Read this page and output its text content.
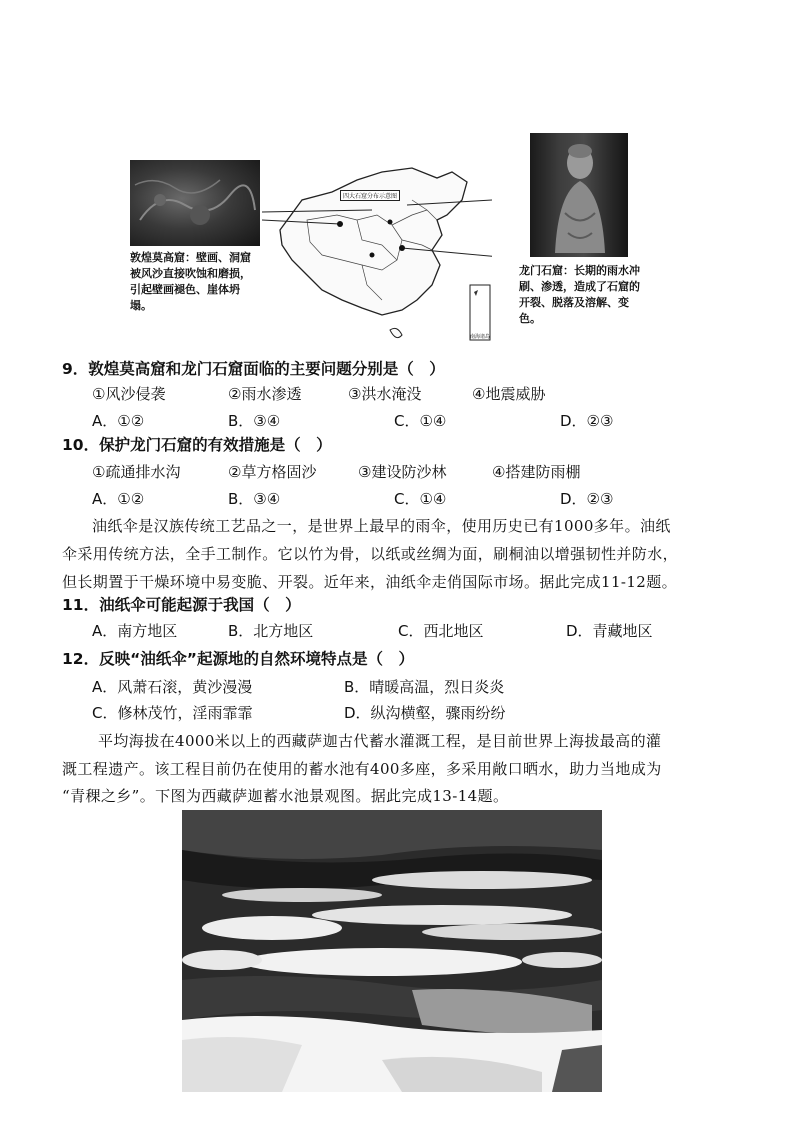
敦煌莫高窟：壁画、洞窟被风沙直接吹蚀和磨损，引起壁画褪色、崖体坍塌。
四大石窟分布示意图
南海诸岛
龙门石窟：长期的雨水冲刷、渗透，造成了石窟的开裂、脱落及溶解、变色。
9．敦煌莫高窟和龙门石窟面临的主要问题分别是（　）
①风沙侵袭	②雨水渗透	③洪水淹没	④地震威胁
A．①②	B．③④	C．①④	D．②③
10．保护龙门石窟的有效措施是（　）
①疏通排水沟	②草方格固沙	③建设防沙林	④搭建防雨棚
A．①②	B．③④	C．①④	D．②③
油纸伞是汉族传统工艺品之一，是世界上最早的雨伞，使用历史已有1000多年。油纸
伞采用传统方法，全手工制作。它以竹为骨，以纸或丝绸为面，刷桐油以增强韧性并防水，
但长期置于干燥环境中易变脆、开裂。近年来，油纸伞走俏国际市场。据此完成11-12题。
11．油纸伞可能起源于我国（　）
A．南方地区	B．北方地区	C．西北地区	D．青藏地区
12．反映“油纸伞”起源地的自然环境特点是（　）
A．风萧石滚，黄沙漫漫	B．晴暖高温，烈日炎炎
C．修林茂竹，淫雨霏霏	D．纵沟横壑，骤雨纷纷
平均海拔在4000米以上的西藏萨迦古代蓄水灌溉工程，是目前世界上海拔最高的灌
溉工程遗产。该工程目前仍在使用的蓄水池有400多座，多采用敞口晒水，助力当地成为
“青稞之乡”。下图为西藏萨迦蓄水池景观图。据此完成13-14题。
